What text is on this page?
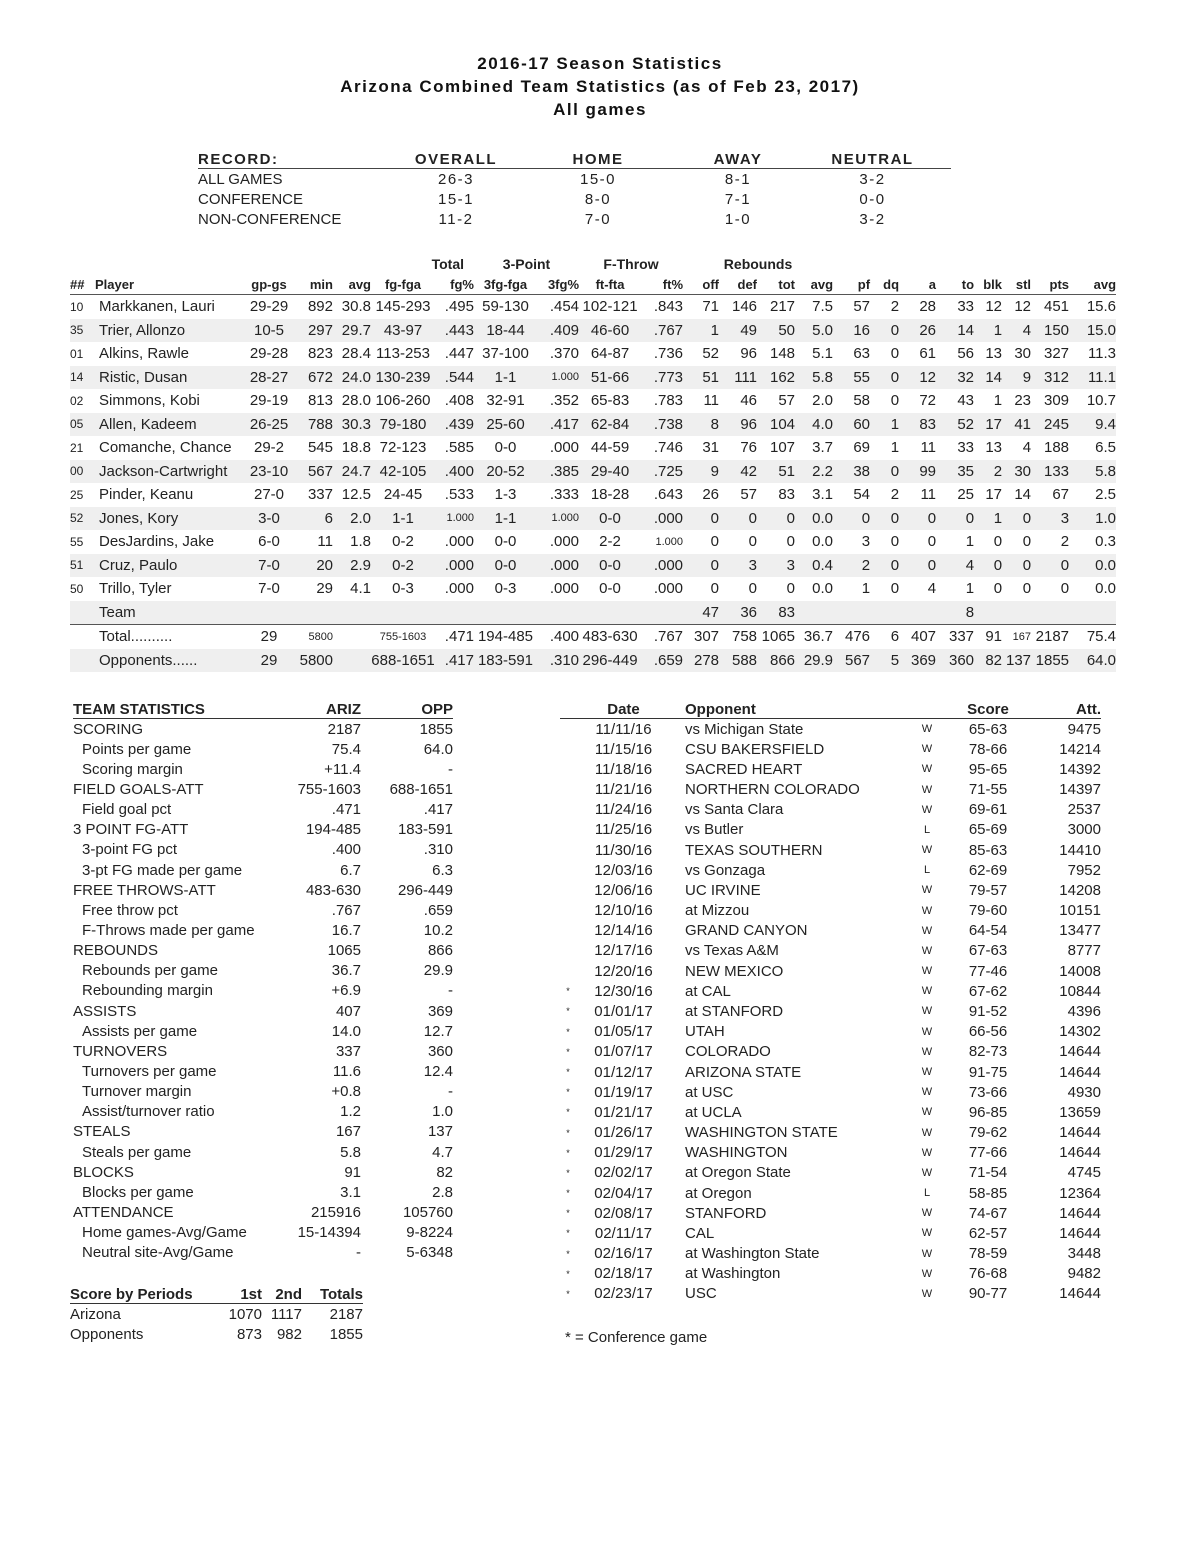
2016-17 Season Statistics
Arizona Combined Team Statistics (as of Feb 23, 2017)
All games
RECORD:	OVERALL	HOME	AWAY	NEUTRAL
ALL GAMES	26-3	15-0	8-1	3-2
CONFERENCE	15-1	8-0	7-1	0-0
NON-CONFERENCE	11-2	7-0	1-0	3-2
					Total		3-Point		F-Throw		Rebounds											
##	Player	gp-gs	min	avg	fg-fga	fg%	3fg-fga	3fg%	ft-fta	ft%	off	def	tot	avg	pf	dq	a	to	blk	stl	pts	avg
10	Markkanen, Lauri	29-29	892	30.8	145-293	.495	59-130	.454	102-121	.843	71	146	217	7.5	57	2	28	33	12	12	451	15.6
35	Trier, Allonzo	10-5	297	29.7	43-97	.443	18-44	.409	46-60	.767	1	49	50	5.0	16	0	26	14	1	4	150	15.0
01	Alkins, Rawle	29-28	823	28.4	113-253	.447	37-100	.370	64-87	.736	52	96	148	5.1	63	0	61	56	13	30	327	11.3
14	Ristic, Dusan	28-27	672	24.0	130-239	.544	1-1	1.000	51-66	.773	51	111	162	5.8	55	0	12	32	14	9	312	11.1
02	Simmons, Kobi	29-19	813	28.0	106-260	.408	32-91	.352	65-83	.783	11	46	57	2.0	58	0	72	43	1	23	309	10.7
05	Allen, Kadeem	26-25	788	30.3	79-180	.439	25-60	.417	62-84	.738	8	96	104	4.0	60	1	83	52	17	41	245	9.4
21	Comanche, Chance	29-2	545	18.8	72-123	.585	0-0	.000	44-59	.746	31	76	107	3.7	69	1	11	33	13	4	188	6.5
00	Jackson-Cartwright	23-10	567	24.7	42-105	.400	20-52	.385	29-40	.725	9	42	51	2.2	38	0	99	35	2	30	133	5.8
25	Pinder, Keanu	27-0	337	12.5	24-45	.533	1-3	.333	18-28	.643	26	57	83	3.1	54	2	11	25	17	14	67	2.5
52	Jones, Kory	3-0	6	2.0	1-1	1.000	1-1	1.000	0-0	.000	0	0	0	0.0	0	0	0	0	1	0	3	1.0
55	DesJardins, Jake	6-0	11	1.8	0-2	.000	0-0	.000	2-2	1.000	0	0	0	0.0	3	0	0	1	0	0	2	0.3
51	Cruz, Paulo	7-0	20	2.9	0-2	.000	0-0	.000	0-0	.000	0	3	3	0.4	2	0	0	4	0	0	0	0.0
50	Trillo, Tyler	7-0	29	4.1	0-3	.000	0-3	.000	0-0	.000	0	0	0	0.0	1	0	4	1	0	0	0	0.0
	Team										47	36	83					8				
	Total..........	29	5800		755-1603	.471	194-485	.400	483-630	.767	307	758	1065	36.7	476	6	407	337	91	167	2187	75.4
	Opponents......	29	5800		688-1651	.417	183-591	.310	296-449	.659	278	588	866	29.9	567	5	369	360	82	137	1855	64.0
TEAM STATISTICS	ARIZ	OPP
SCORING	2187	1855
Points per game	75.4	64.0
Scoring margin	+11.4	-
FIELD GOALS-ATT	755-1603	688-1651
Field goal pct	.471	.417
3 POINT FG-ATT	194-485	183-591
3-point FG pct	.400	.310
3-pt FG made per game	6.7	6.3
FREE THROWS-ATT	483-630	296-449
Free throw pct	.767	.659
F-Throws made per game	16.7	10.2
REBOUNDS	1065	866
Rebounds per game	36.7	29.9
Rebounding margin	+6.9	-
ASSISTS	407	369
Assists per game	14.0	12.7
TURNOVERS	337	360
Turnovers per game	11.6	12.4
Turnover margin	+0.8	-
Assist/turnover ratio	1.2	1.0
STEALS	167	137
Steals per game	5.8	4.7
BLOCKS	91	82
Blocks per game	3.1	2.8
ATTENDANCE	215916	105760
Home games-Avg/Game	15-14394	9-8224
Neutral site-Avg/Game	-	5-6348
Score by Periods	1st	2nd	Totals
Arizona	1070	1117	2187
Opponents	873	982	1855
	Date	Opponent		Score	Att.
	11/11/16	vs Michigan State	W	65-63	9475
	11/15/16	CSU BAKERSFIELD	W	78-66	14214
	11/18/16	SACRED HEART	W	95-65	14392
	11/21/16	NORTHERN COLORADO	W	71-55	14397
	11/24/16	vs Santa Clara	W	69-61	2537
	11/25/16	vs Butler	L	65-69	3000
	11/30/16	TEXAS SOUTHERN	W	85-63	14410
	12/03/16	vs Gonzaga	L	62-69	7952
	12/06/16	UC IRVINE	W	79-57	14208
	12/10/16	at Mizzou	W	79-60	10151
	12/14/16	GRAND CANYON	W	64-54	13477
	12/17/16	vs Texas A&M	W	67-63	8777
	12/20/16	NEW MEXICO	W	77-46	14008
*	12/30/16	at CAL	W	67-62	10844
*	01/01/17	at STANFORD	W	91-52	4396
*	01/05/17	UTAH	W	66-56	14302
*	01/07/17	COLORADO	W	82-73	14644
*	01/12/17	ARIZONA STATE	W	91-75	14644
*	01/19/17	at USC	W	73-66	4930
*	01/21/17	at UCLA	W	96-85	13659
*	01/26/17	WASHINGTON STATE	W	79-62	14644
*	01/29/17	WASHINGTON	W	77-66	14644
*	02/02/17	at Oregon State	W	71-54	4745
*	02/04/17	at Oregon	L	58-85	12364
*	02/08/17	STANFORD	W	74-67	14644
*	02/11/17	CAL	W	62-57	14644
*	02/16/17	at Washington State	W	78-59	3448
*	02/18/17	at Washington	W	76-68	9482
*	02/23/17	USC	W	90-77	14644
* = Conference game
